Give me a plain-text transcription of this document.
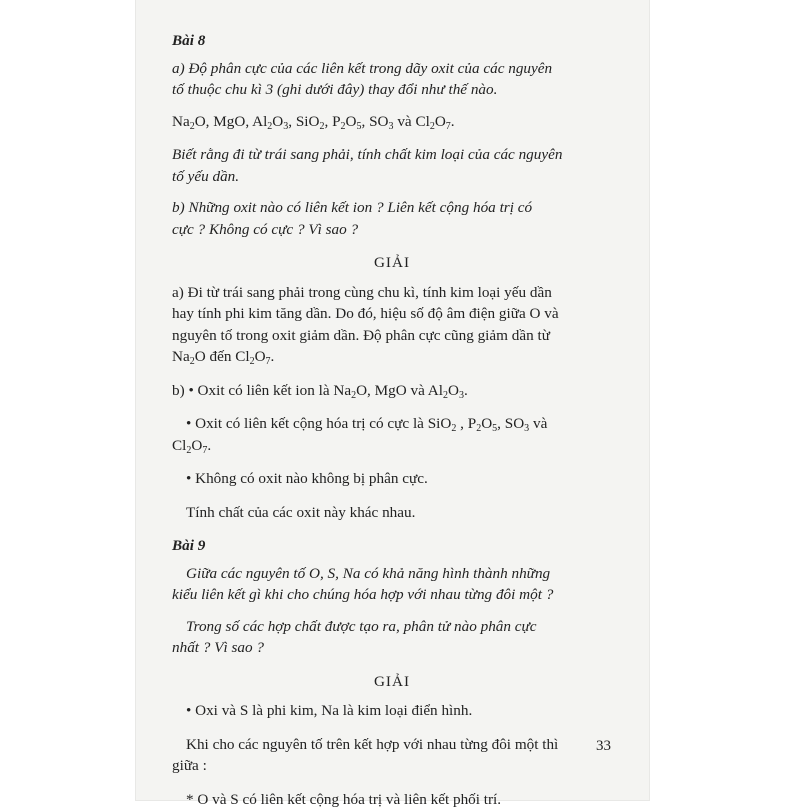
Bài 8

a) Độ phân cực của các liên kết trong dãy oxit của các nguyên

tố thuộc chu kì 3 (ghi dưới đây) thay đổi như thế nào.

$Na_2O$, MgO, $Al_2O_3$, SiO$_2$, $P_2O_5$, $SO_3$ và $Cl_2O_7$.

Biết rằng đi từ trái sang phải, tính chất kim loại của các nguyên

tố yếu dần.

b) Những oxit nào có liên kết ion ? Liên kết cộng hóa trị có

cực ? Không có cực ? Vì sao ?

GIẢI

a) Đi từ trái sang phải trong cùng chu kì, tính kim loại yếu dần

hay tính phi kim tăng dần. Do đó, hiệu số độ âm điện giữa O và

nguyên tố trong oxit giảm dần. Độ phân cực cũng giảm dần từ

$Na_2O$ đến $Cl_2O_7$.

b) • Oxit có liên kết ion là $Na_2O$, MgO và $Al_2O_3$.

• Oxit có liên kết cộng hóa trị có cực là SiO$_2$ , $P_2O_5$, $SO_3$ và

$Cl_2O_7$.

• Không có oxit nào không bị phân cực.

Tính chất của các oxit này khác nhau.

Bài 9

Giữa các nguyên tố O, S, Na có khả năng hình thành những

kiểu liên kết gì khi cho chúng hóa hợp với nhau từng đôi một ?

Trong số các hợp chất được tạo ra, phân tử nào phân cực

nhất ? Vì sao ?

GIẢI

• Oxi và S là phi kim, Na là kim loại điển hình.

Khi cho các nguyên tố trên kết hợp với nhau từng đôi một thì

giữa :

* O và S có liên kết cộng hóa trị và liên kết phối trí.

33
